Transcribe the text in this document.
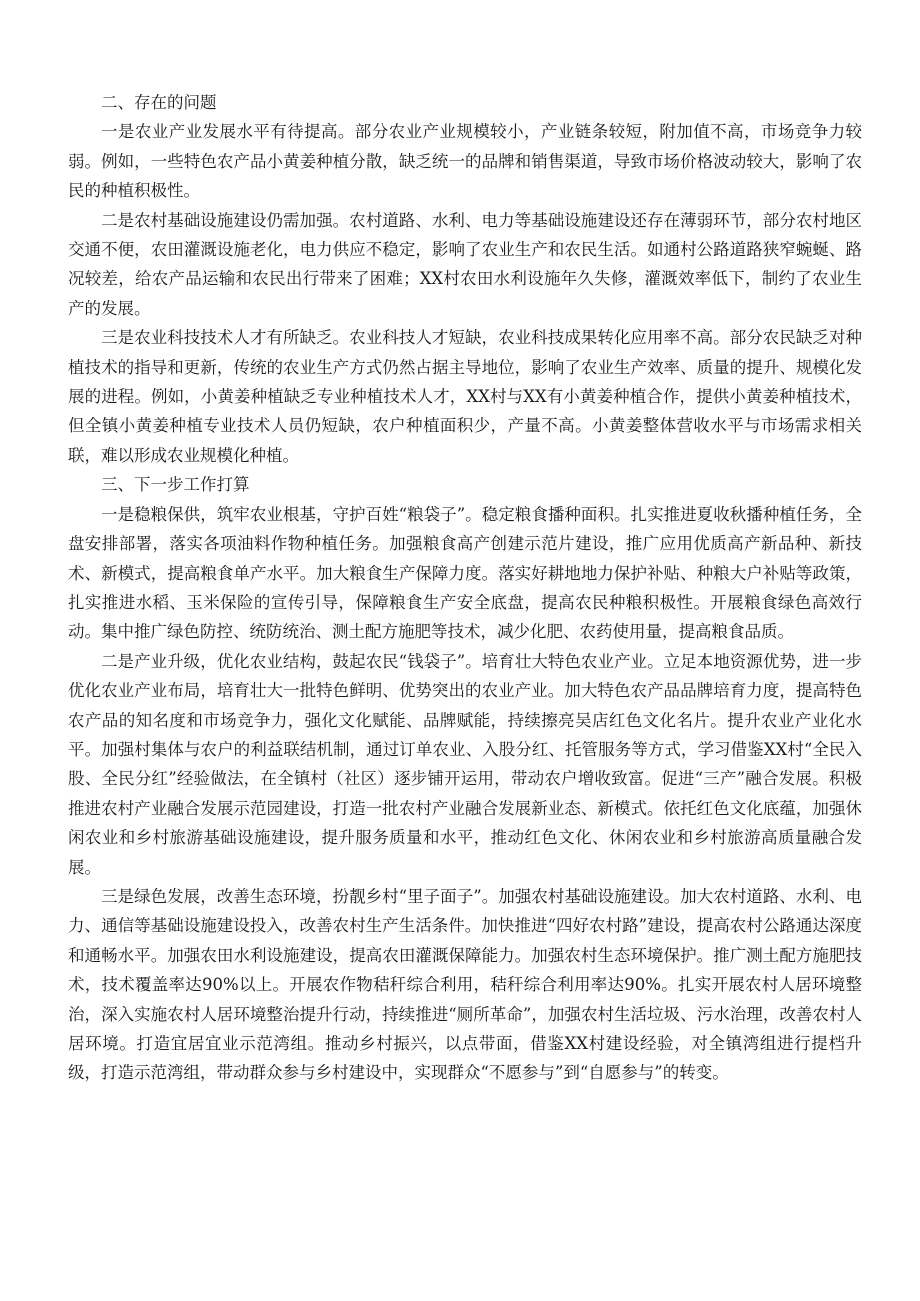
二、存在的问题

一是农业产业发展水平有待提高。部分农业产业规模较小，产业链条较短，附加值不高，市场竞争力较弱。例如，一些特色农产品小黄姜种植分散，缺乏统一的品牌和销售渠道，导致市场价格波动较大，影响了农民的种植积极性。

二是农村基础设施建设仍需加强。农村道路、水利、电力等基础设施建设还存在薄弱环节，部分农村地区交通不便，农田灌溉设施老化，电力供应不稳定，影响了农业生产和农民生活。如通村公路道路狭窄蜿蜒、路况较差，给农产品运输和农民出行带来了困难；XX村农田水利设施年久失修，灌溉效率低下，制约了农业生产的发展。

三是农业科技技术人才有所缺乏。农业科技人才短缺，农业科技成果转化应用率不高。部分农民缺乏对种植技术的指导和更新，传统的农业生产方式仍然占据主导地位，影响了农业生产效率、质量的提升、规模化发展的进程。例如，小黄姜种植缺乏专业种植技术人才，XX村与XX有小黄姜种植合作，提供小黄姜种植技术，但全镇小黄姜种植专业技术人员仍短缺，农户种植面积少，产量不高。小黄姜整体营收水平与市场需求相关联，难以形成农业规模化种植。

三、下一步工作打算

一是稳粮保供，筑牢农业根基，守护百姓“粮袋子”。稳定粮食播种面积。扎实推进夏收秋播种植任务，全盘安排部署，落实各项油料作物种植任务。加强粮食高产创建示范片建设，推广应用优质高产新品种、新技术、新模式，提高粮食单产水平。加大粮食生产保障力度。落实好耕地地力保护补贴、种粮大户补贴等政策，扎实推进水稻、玉米保险的宣传引导，保障粮食生产安全底盘，提高农民种粮积极性。开展粮食绿色高效行动。集中推广绿色防控、统防统治、测土配方施肥等技术，减少化肥、农药使用量，提高粮食品质。

二是产业升级，优化农业结构，鼓起农民“钱袋子”。培育壮大特色农业产业。立足本地资源优势，进一步优化农业产业布局，培育壮大一批特色鲜明、优势突出的农业产业。加大特色农产品品牌培育力度，提高特色农产品的知名度和市场竞争力，强化文化赋能、品牌赋能，持续擦亮吴店红色文化名片。提升农业产业化水平。加强村集体与农户的利益联结机制，通过订单农业、入股分红、托管服务等方式，学习借鉴XX村“全民入股、全民分红”经验做法，在全镇村（社区）逐步铺开运用，带动农户增收致富。促进“三产”融合发展。积极推进农村产业融合发展示范园建设，打造一批农村产业融合发展新业态、新模式。依托红色文化底蕴，加强休闲农业和乡村旅游基础设施建设，提升服务质量和水平，推动红色文化、休闲农业和乡村旅游高质量融合发展。

三是绿色发展，改善生态环境，扮靓乡村“里子面子”。加强农村基础设施建设。加大农村道路、水利、电力、通信等基础设施建设投入，改善农村生产生活条件。加快推进“四好农村路”建设，提高农村公路通达深度和通畅水平。加强农田水利设施建设，提高农田灌溉保障能力。加强农村生态环境保护。推广测土配方施肥技术，技术覆盖率达90%以上。开展农作物秸秆综合利用，秸秆综合利用率达90%。扎实开展农村人居环境整治，深入实施农村人居环境整治提升行动，持续推进“厕所革命”，加强农村生活垃圾、污水治理，改善农村人居环境。打造宜居宜业示范湾组。推动乡村振兴，以点带面，借鉴XX村建设经验，对全镇湾组进行提档升级，打造示范湾组，带动群众参与乡村建设中，实现群众“不愿参与”到“自愿参与”的转变。
